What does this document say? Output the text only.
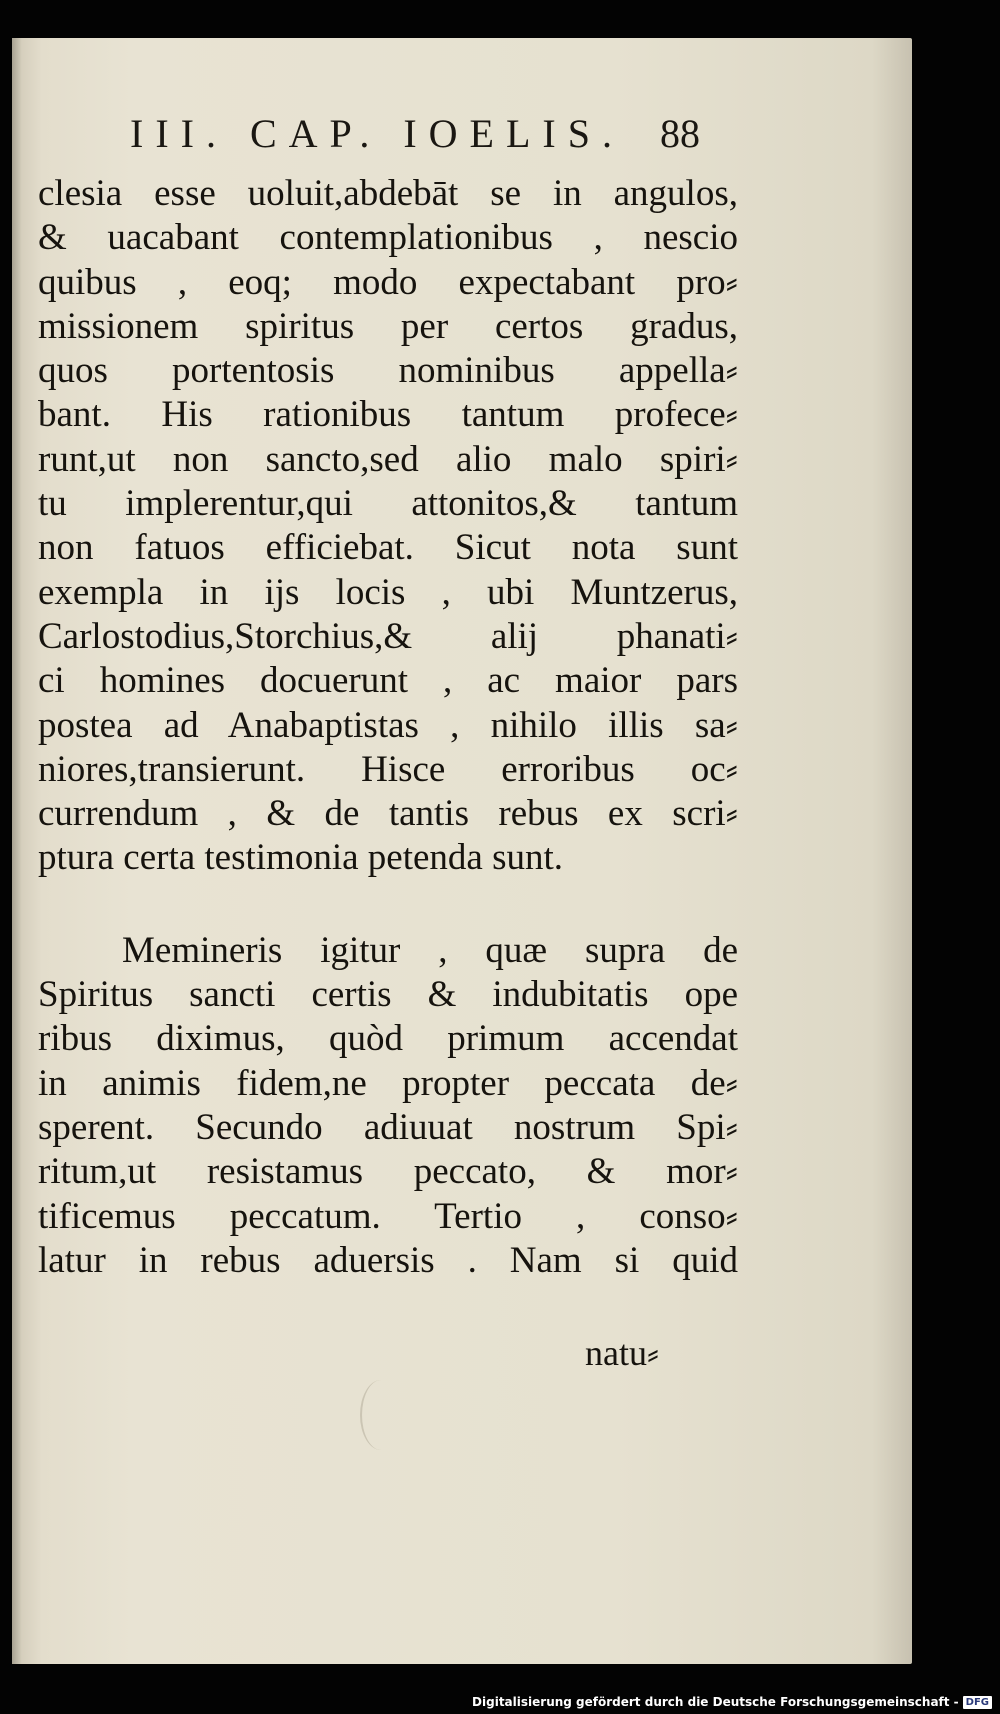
III. CAP. IOELIS. 88

clesia esse uoluit,abdebāt se in angulos,
& uacabant contemplationibus , nescio
quibus , eoq; modo expectabant pro⸗
missionem spiritus per certos gradus,
quos portentosis nominibus appella⸗
bant. His rationibus tantum profece⸗
runt,ut non sancto,sed alio malo spiri⸗
tu implerentur,qui attonitos,& tantum
non fatuos efficiebat. Sicut nota sunt
exempla in ijs locis , ubi Muntzerus,
Carlostodius,Storchius,& alij phanati⸗
ci homines docuerunt , ac maior pars
postea ad Anabaptistas , nihilo illis sa⸗
niores,transierunt. Hisce erroribus oc⸗
currendum , & de tantis rebus ex scri⸗
ptura certa testimonia petenda sunt.

Memineris igitur , quæ supra de
Spiritus sancti certis & indubitatis ope
ribus diximus, quòd primum accendat
in animis fidem,ne propter peccata de⸗
sperent. Secundo adiuuat nostrum Spi⸗
ritum,ut resistamus peccato, & mor⸗
tificemus peccatum. Tertio , conso⸗
latur in rebus aduersis . Nam si quid

natu⸗
Digitalisierung gefördert durch die Deutsche Forschungsgemeinschaft - DFG
